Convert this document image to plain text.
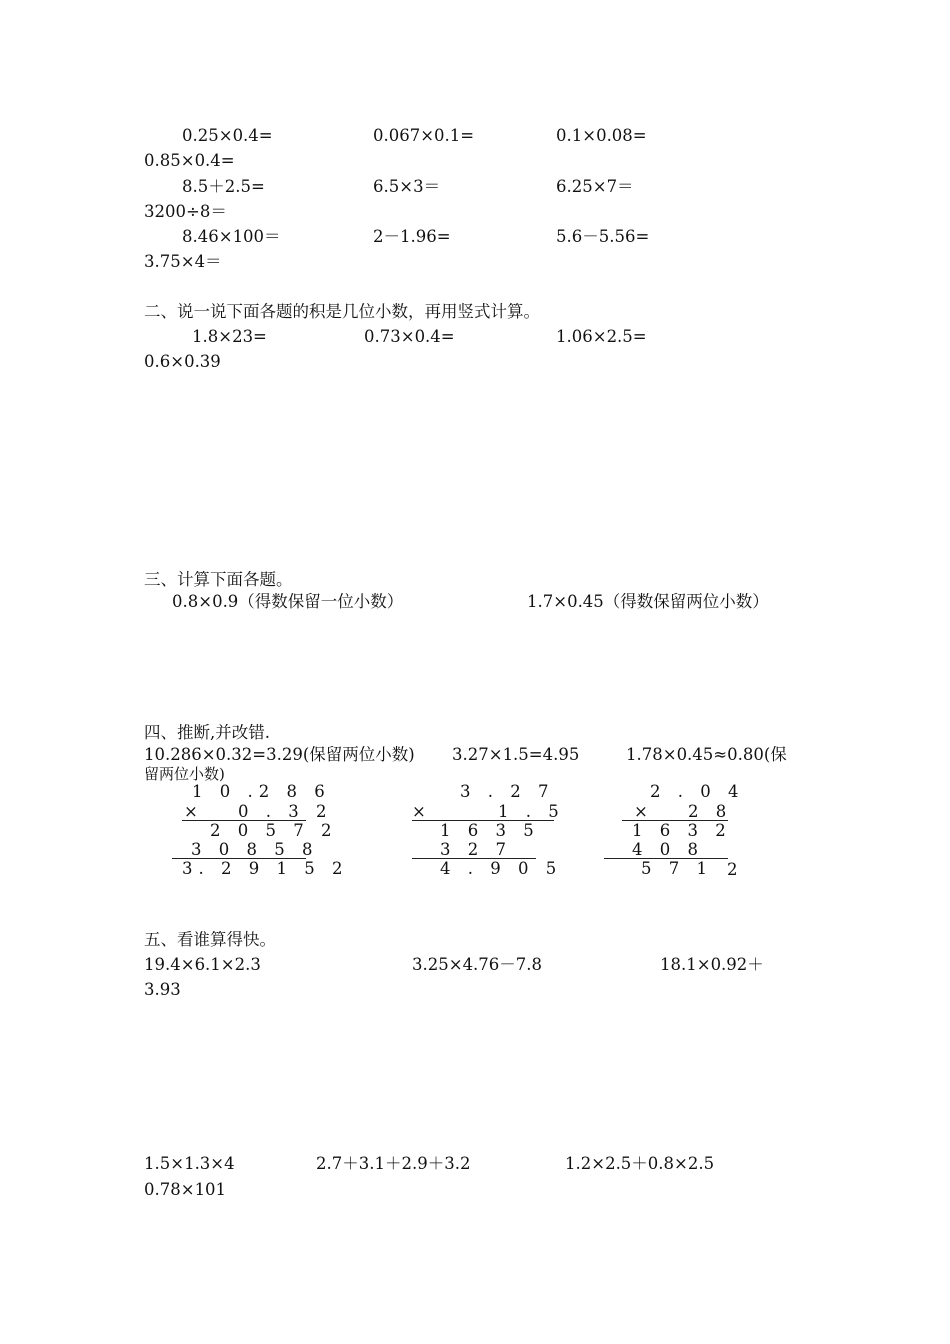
0.25×0.4=	0.067×0.1=	0.1×0.08=
0.85×0.4=
8.5＋2.5=	6.5×3＝	6.25×7＝
3200÷8＝
8.46×100＝	2－1.96=	5.6－5.56=
3.75×4＝
二、说一说下面各题的积是几位小数，再用竖式计算。
1.8×23=	0.73×0.4=	1.06×2.5=
0.6×0.39
三、计算下面各题。
0.8×0.9（得数保留一位小数）	1.7×0.45（得数保留两位小数）
四、推断,并改错.
10.286×0.32=3.29(保留两位小数) 3.27×1.5=4.95	1.78×0.45≈0.80(保
留两位小数)
1 0 .2 8 6
× 0 . 3 2
2 0 5 7 2
3 0 8 5 8
3. 2 9 1 5 2
3 . 2 7
×	1 . 5
1 6 3 5
3 2 7
4 . 9 0 5
2 . 0 4
× 2 8
1 6 3 2
4 0 8
5 7 1 2
五、看谁算得快。
19.4×6.1×2.3	3.25×4.76－7.8	18.1×0.92＋
3.93
1.5×1.3×4	2.7＋3.1＋2.9＋3.2	1.2×2.5＋0.8×2.5
0.78×101
